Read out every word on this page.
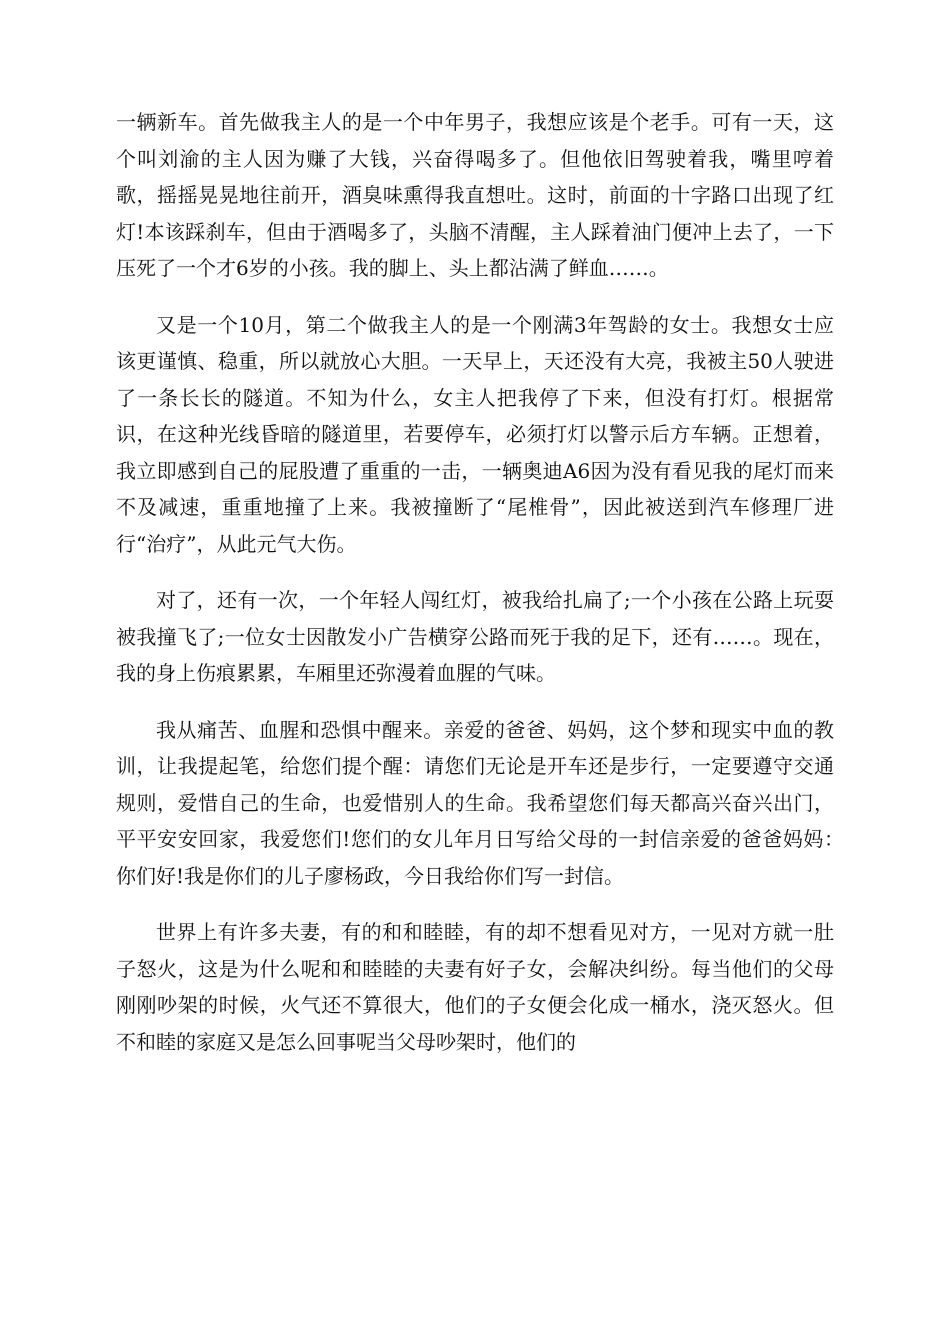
一辆新车。首先做我主人的是一个中年男子，我想应该是个老手。可有一天，这个叫刘渝的主人因为赚了大钱，兴奋得喝多了。但他依旧驾驶着我，嘴里哼着歌，摇摇晃晃地往前开，酒臭味熏得我直想吐。这时，前面的十字路口出现了红灯!本该踩刹车，但由于酒喝多了，头脑不清醒，主人踩着油门便冲上去了，一下压死了一个才6岁的小孩。我的脚上、头上都沾满了鲜血……。

又是一个10月，第二个做我主人的是一个刚满3年驾龄的女士。我想女士应该更谨慎、稳重，所以就放心大胆。一天早上，天还没有大亮，我被主50人驶进了一条长长的隧道。不知为什么，女主人把我停了下来，但没有打灯。根据常识，在这种光线昏暗的隧道里，若要停车，必须打灯以警示后方车辆。正想着，我立即感到自己的屁股遭了重重的一击，一辆奥迪A6因为没有看见我的尾灯而来不及减速，重重地撞了上来。我被撞断了“尾椎骨”，因此被送到汽车修理厂进行“治疗”，从此元气大伤。

对了，还有一次，一个年轻人闯红灯，被我给扎扁了;一个小孩在公路上玩耍被我撞飞了;一位女士因散发小广告横穿公路而死于我的足下，还有……。现在，我的身上伤痕累累，车厢里还弥漫着血腥的气味。

我从痛苦、血腥和恐惧中醒来。亲爱的爸爸、妈妈，这个梦和现实中血的教训，让我提起笔，给您们提个醒：请您们无论是开车还是步行，一定要遵守交通规则，爱惜自己的生命，也爱惜别人的生命。我希望您们每天都高兴奋兴出门，平平安安回家，我爱您们!您们的女儿年月日写给父母的一封信亲爱的爸爸妈妈：　　你们好!我是你们的儿子廖杨政，今日我给你们写一封信。

世界上有许多夫妻，有的和和睦睦，有的却不想看见对方，一见对方就一肚子怒火，这是为什么呢和和睦睦的夫妻有好子女，会解决纠纷。每当他们的父母刚刚吵架的时候，火气还不算很大，他们的子女便会化成一桶水，浇灭怒火。但不和睦的家庭又是怎么回事呢当父母吵架时，他们的
